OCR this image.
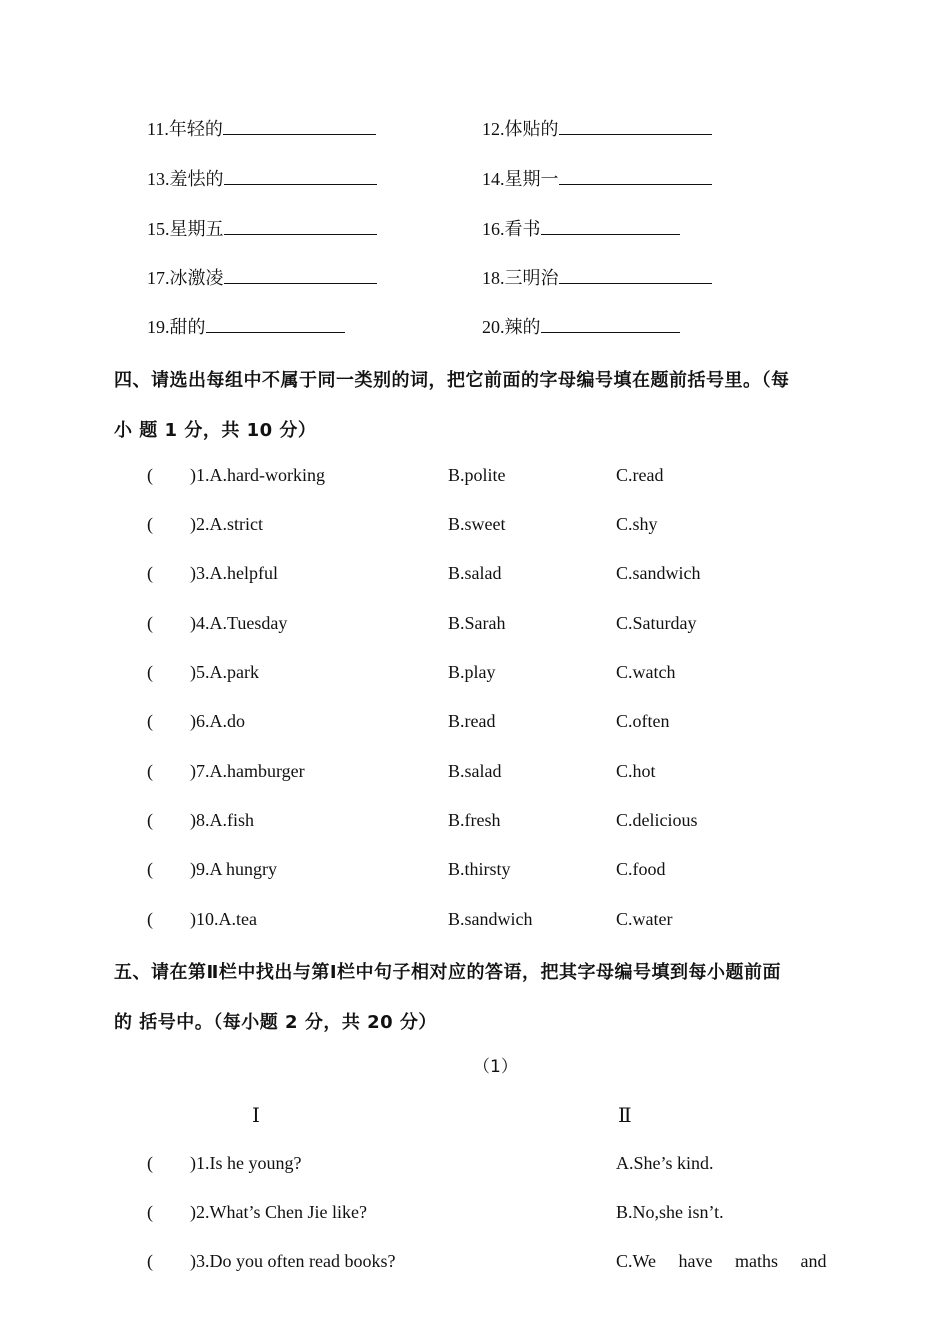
11.年轻的	12.体贴的
13.羞怯的	14.星期一
15.星期五	16.看书
17.冰激凌	18.三明治
19.甜的	20.辣的
四、请选出每组中不属于同一类别的词，把它前面的字母编号填在题前括号里。（每
小 题 1 分，共 10 分）
( )1.A.hard-working	B.polite	C.read
( )2.A.strict	B.sweet	C.shy
( )3.A.helpful	B.salad	C.sandwich
( )4.A.Tuesday	B.Sarah	C.Saturday
( )5.A.park	B.play	C.watch
( )6.A.do	B.read	C.often
( )7.A.hamburger	B.salad	C.hot
( )8.A.fish	B.fresh	C.delicious
( )9.A hungry	B.thirsty	C.food
( )10.A.tea	B.sandwich	C.water
五、请在第Ⅱ栏中找出与第Ⅰ栏中句子相对应的答语，把其字母编号填到每小题前面
的 括号中。（每小题 2 分，共 20 分）
（1）
Ⅰ	Ⅱ
( )1.Is he young?	A.She’s kind.
( )2.What’s Chen Jie like?	B.No,she isn’t.
( )3.Do you often read books?	C.We     have     maths     and
